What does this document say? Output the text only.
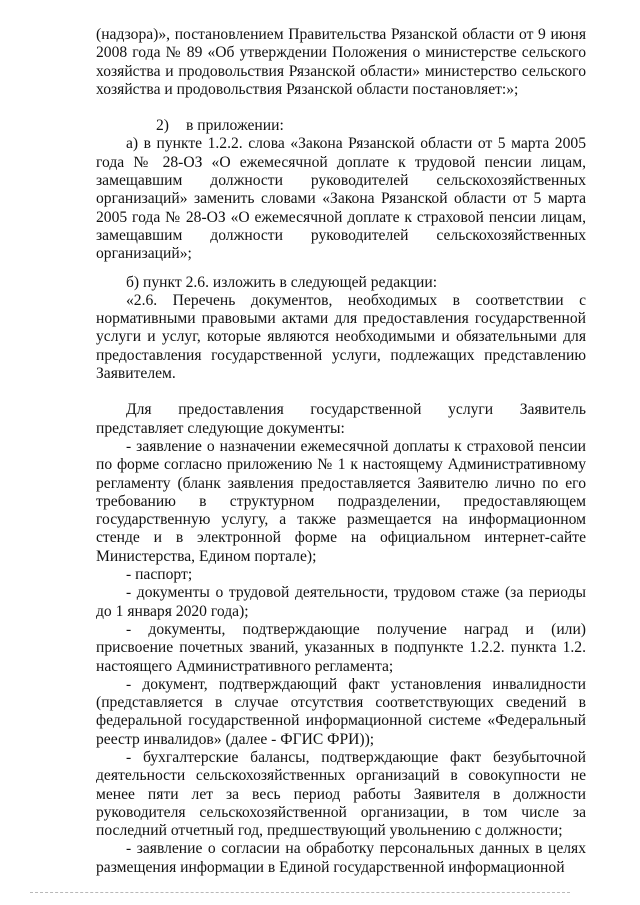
(надзора)», постановлением Правительства Рязанской области от 9 июня 2008 года № 89 «Об утверждении Положения о министерстве сельского хозяйства и продовольствия Рязанской области» министерство сельского хозяйства и продовольствия Рязанской области постановляет:»;

2) в приложении:

а) в пункте 1.2.2. слова «Закона Рязанской области от 5 марта 2005 года № 28-ОЗ «О ежемесячной доплате к трудовой пенсии лицам, замещавшим должности руководителей сельскохозяйственных организаций» заменить словами «Закона Рязанской области от 5 марта 2005 года № 28-ОЗ «О ежемесячной доплате к страховой пенсии лицам, замещавшим должности руководителей сельскохозяйственных организаций»;

б) пункт 2.6. изложить в следующей редакции:

«2.6. Перечень документов, необходимых в соответствии с нормативными правовыми актами для предоставления государственной услуги и услуг, которые являются необходимыми и обязательными для предоставления государственной услуги, подлежащих представлению Заявителем.

Для предоставления государственной услуги Заявитель представляет следующие документы:

- заявление о назначении ежемесячной доплаты к страховой пенсии по форме согласно приложению № 1 к настоящему Административному регламенту (бланк заявления предоставляется Заявителю лично по его требованию в структурном подразделении, предоставляющем государственную услугу, а также размещается на информационном стенде и в электронной форме на официальном интернет-сайте Министерства, Едином портале);

- паспорт;

- документы о трудовой деятельности, трудовом стаже (за периоды до 1 января 2020 года);

- документы, подтверждающие получение наград и (или) присвоение почетных званий, указанных в подпункте 1.2.2. пункта 1.2. настоящего Административного регламента;

- документ, подтверждающий факт установления инвалидности (представляется в случае отсутствия соответствующих сведений в федеральной государственной информационной системе «Федеральный реестр инвалидов» (далее - ФГИС ФРИ));

- бухгалтерские балансы, подтверждающие факт безубыточной деятельности сельскохозяйственных организаций в совокупности не менее пяти лет за весь период работы Заявителя в должности руководителя сельскохозяйственной организации, в том числе за последний отчетный год, предшествующий увольнению с должности;

- заявление о согласии на обработку персональных данных в целях размещения информации в Единой государственной информационной
